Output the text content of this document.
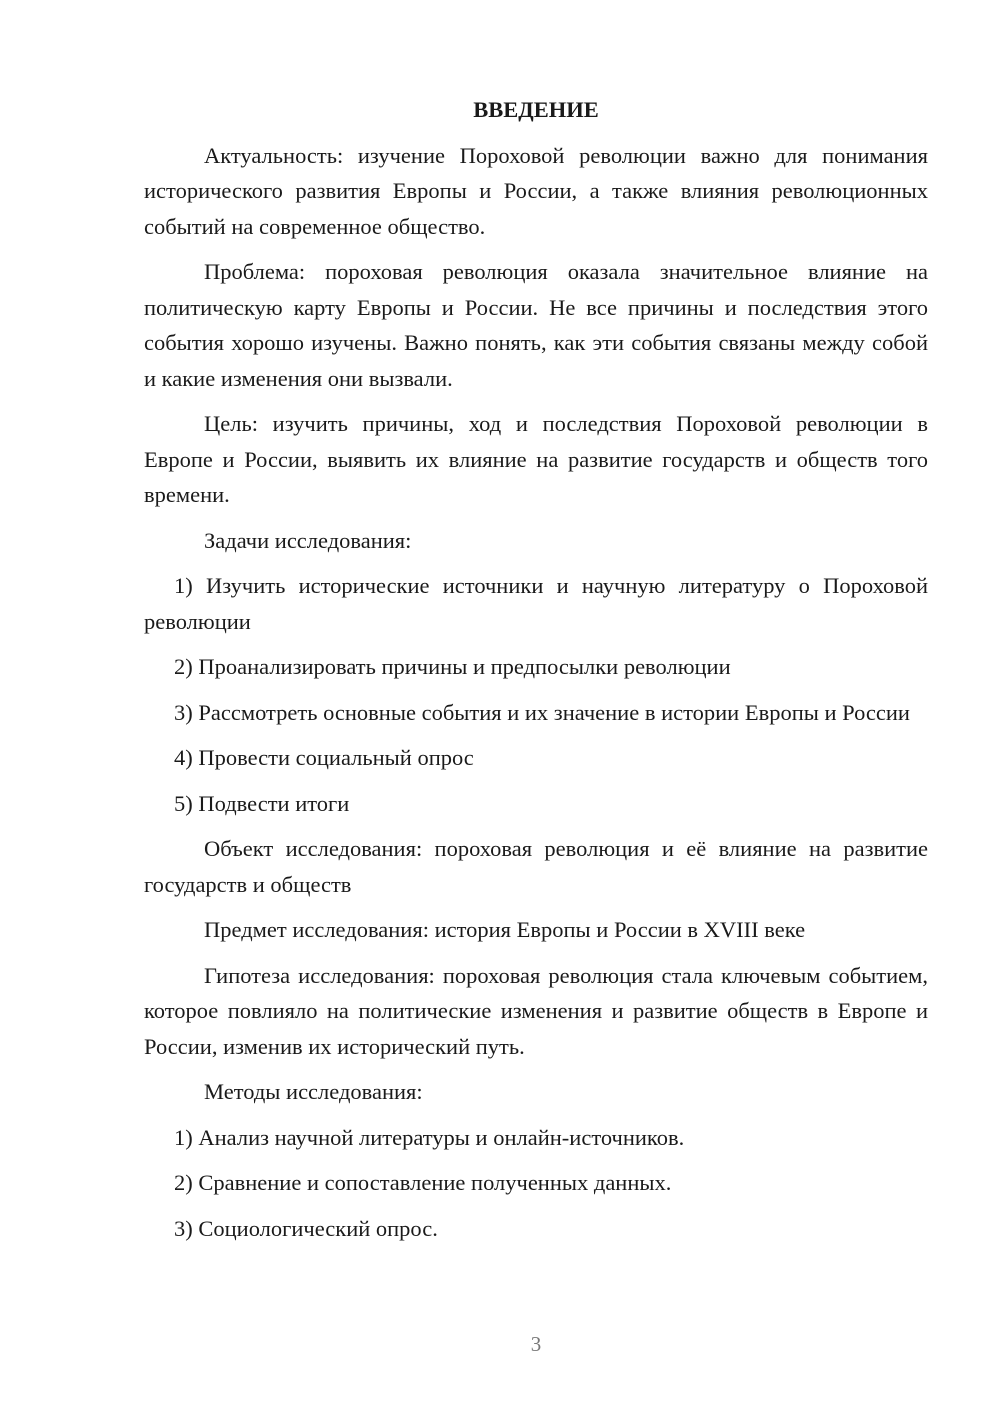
ВВЕДЕНИЕ

Актуальность: изучение Пороховой революции важно для понимания исторического развития Европы и России, а также влияния революционных событий на современное общество.

Проблема: пороховая революция оказала значительное влияние на политическую карту Европы и России. Не все причины и последствия этого события хорошо изучены. Важно понять, как эти события связаны между собой и какие изменения они вызвали.

Цель: изучить причины, ход и последствия Пороховой революции в Европе и России, выявить их влияние на развитие государств и обществ того времени.

Задачи исследования:

1) Изучить исторические источники и научную литературу о Пороховой революции

2) Проанализировать причины и предпосылки революции

3) Рассмотреть основные события и их значение в истории Европы и России

4) Провести социальный опрос

5) Подвести итоги

Объект исследования: пороховая революция и её влияние на развитие государств и обществ

Предмет исследования: история Европы и России в XVIII веке

Гипотеза исследования: пороховая революция стала ключевым событием, которое повлияло на политические изменения и развитие обществ в Европе и России, изменив их исторический путь.

Методы исследования:

1) Анализ научной литературы и онлайн-источников.

2) Сравнение и сопоставление полученных данных.

3) Социологический опрос.

3
